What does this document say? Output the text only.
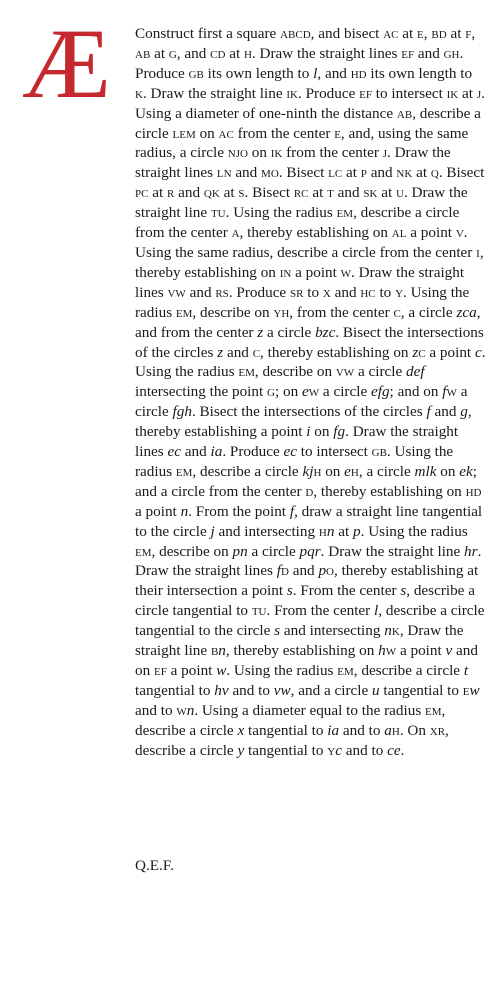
Æ Construct first a square abcd, and bisect ac at e, bd at f, ab at g, and cd at h. Draw the straight lines ef and gh. Produce gb its own length to l, and hd its own length to k. Draw the straight line ik. Produce ef to intersect ik at j. Using a diameter of one-ninth the distance ab, describe a circle lem on ac from the center e, and, using the same radius, a circle njo on ik from the center j. Draw the straight lines ln and mo. Bisect lc at p and nk at q. Bisect pc at r and qk at s. Bisect rc at t and sk at u. Draw the straight line tu. Using the radius em, describe a circle from the center a, thereby establishing on al a point v. Using the same radius, describe a circle from the center i, thereby establishing on in a point w. Draw the straight lines vw and rs. Produce sr to x and hc to y. Using the radius em, describe on yh, from the center c, a circle zca, and from the center z a circle bzc. Bisect the intersections of the circles z and c, thereby establishing on zc a point c. Using the radius em, describe on vw a circle def intersecting the point g; on ew a circle efg; and on fw a circle fgh. Bisect the intersections of the circles f and g, thereby establishing a point i on fg. Draw the straight lines ec and ia. Produce ec to intersect gb. Using the radius em, describe a circle kjh on eh, a circle mlk on ek; and a circle from the center d, thereby establishing on hd a point n. From the point f, draw a straight line tangential to the circle j and intersecting hn at p. Using the radius em, describe on pn a circle pqr. Draw the straight line hr. Draw the straight lines fd and po, thereby establishing at their intersection a point s. From the center s, describe a circle tangential to tu. From the center l, describe a circle tangential to the circle s and intersecting nk, Draw the straight line bn, thereby establishing on hw a point v and on ef a point w. Using the radius em, describe a circle t tangential to hv and to vw, and a circle u tangential to ew and to wn. Using a diameter equal to the radius em, describe a circle x tangential to ia and to ah. On xr, describe a circle y tangential to yc and to ce.

Q.E.F.
